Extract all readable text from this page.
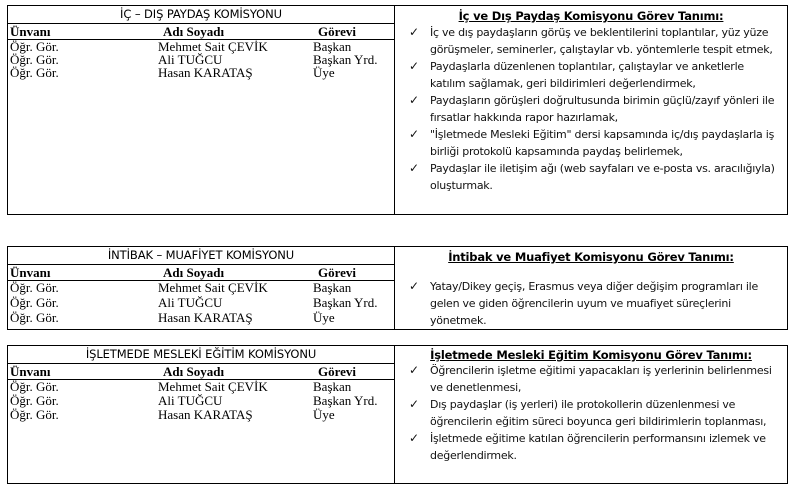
İÇ – DIŞ PAYDAŞ KOMİSYONU
Ünvanı	Adı Soyadı	Görevi
Öğr. Gör.	Mehmet Sait ÇEVİK	Başkan
Öğr. Gör.	Ali TUĞCU	Başkan Yrd.
Öğr. Gör.	Hasan KARATAŞ	Üye
İç ve Dış Paydaş Komisyonu Görev Tanımı:
✓ İç ve dış paydaşların görüş ve beklentilerini toplantılar, yüz yüze görüşmeler, seminerler, çalıştaylar vb. yöntemlerle tespit etmek,
✓ Paydaşlarla düzenlenen toplantılar, çalıştaylar ve anketlerle katılım sağlamak, geri bildirimleri değerlendirmek,
✓ Paydaşların görüşleri doğrultusunda birimin güçlü/zayıf yönleri ile fırsatlar hakkında rapor hazırlamak,
✓ "İşletmede Mesleki Eğitim" dersi kapsamında iç/dış paydaşlarla iş birliği protokolü kapsamında paydaş belirlemek,
✓ Paydaşlar ile iletişim ağı (web sayfaları ve e-posta vs. aracılığıyla) oluşturmak.
İNTİBAK – MUAFİYET KOMİSYONU
Ünvanı	Adı Soyadı	Görevi
Öğr. Gör.	Mehmet Sait ÇEVİK	Başkan
Öğr. Gör.	Ali TUĞCU	Başkan Yrd.
Öğr. Gör.	Hasan KARATAŞ	Üye
İntibak ve Muafiyet Komisyonu Görev Tanımı:
✓ Yatay/Dikey geçiş, Erasmus veya diğer değişim programları ile gelen ve giden öğrencilerin uyum ve muafiyet süreçlerini yönetmek.
İŞLETMEDE MESLEKİ EĞİTİM KOMİSYONU
Ünvanı	Adı Soyadı	Görevi
Öğr. Gör.	Mehmet Sait ÇEVİK	Başkan
Öğr. Gör.	Ali TUĞCU	Başkan Yrd.
Öğr. Gör.	Hasan KARATAŞ	Üye
İşletmede Mesleki Eğitim Komisyonu Görev Tanımı:
✓ Öğrencilerin işletme eğitimi yapacakları iş yerlerinin belirlenmesi ve denetlenmesi,
✓ Dış paydaşlar (iş yerleri) ile protokollerin düzenlenmesi ve öğrencilerin eğitim süreci boyunca geri bildirimlerin toplanması,
✓ İşletmede eğitime katılan öğrencilerin performansını izlemek ve değerlendirmek.
